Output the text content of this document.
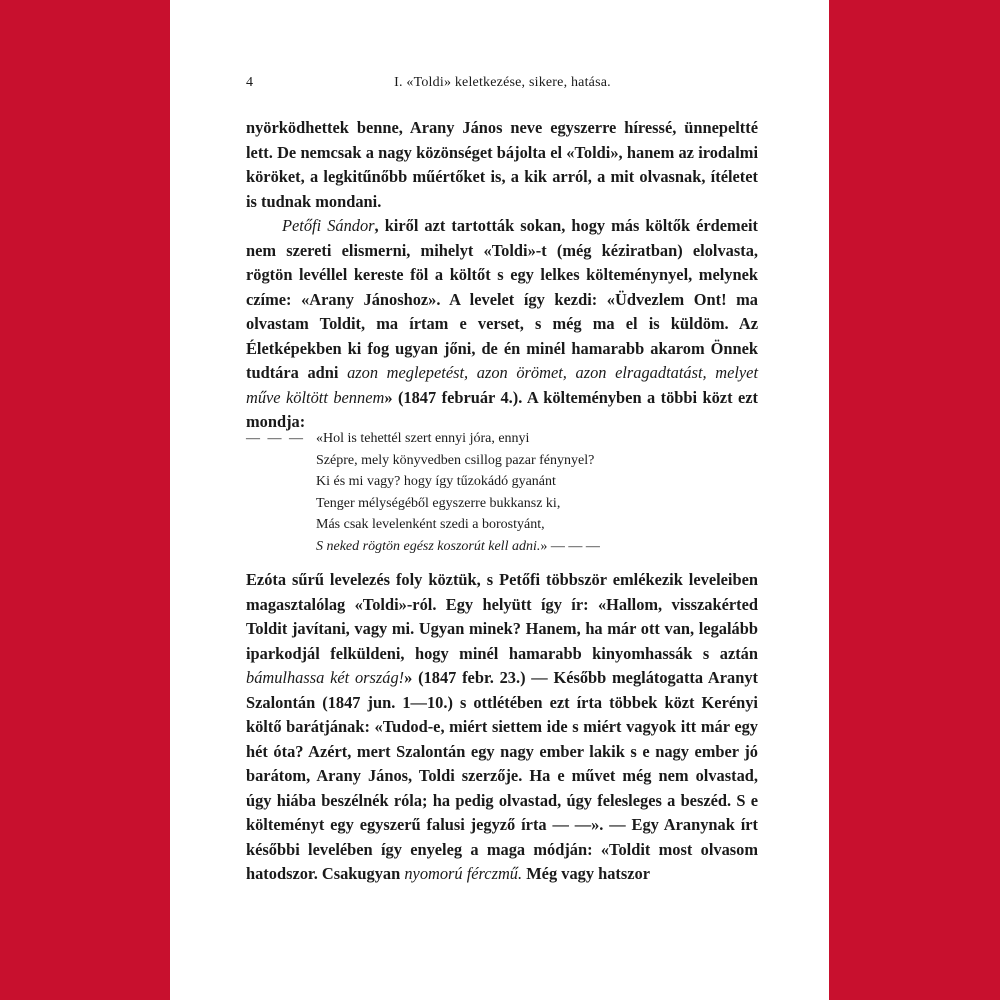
4	I. «Toldi» keletkezése, sikere, hatása.

nyörködhettek benne, Arany János neve egyszerre híressé, ünnepeltté lett. De nemcsak a nagy közönséget bájolta el «Toldi», hanem az irodalmi köröket, a legkitűnőbb műértőket is, a kik arról, a mit olvasnak, ítéletet is tudnak mondani.

Petőfi Sándor, kiről azt tartották sokan, hogy más költők érdemeit nem szereti elismerni, mihelyt «Toldi»-t (még kéziratban) elolvasta, rögtön levéllel kereste föl a költőt s egy lelkes költeménynyel, melynek czíme: «Arany Jánoshoz». A levelet így kezdi: «Üdvezlem Ont! ma olvastam Toldit, ma írtam e verset, s még ma el is küldöm. Az Életképekben ki fog ugyan jőni, de én minél hamarabb akarom Önnek tudtára adni azon meglepetést, azon örömet, azon elragadtatást, melyet műve költött bennem» (1847 február 4.). A költeményben a többi közt ezt mondja:

— — — «Hol is tehettél szert ennyi jóra, ennyi
Szépre, mely könyvedben csillog pazar fénynyel?
Ki és mi vagy? hogy így tűzokádó gyanánt
Tenger mélységéből egyszerre bukkansz ki,
Más csak levelenként szedi a borostyánt,
S neked rögtön egész koszorút kell adni.» — — —

Ezóta sűrű levelezés foly köztük, s Petőfi többször emlékezik leveleiben magasztalólag «Toldi»-ról. Egy helyütt így ír: «Hallom, visszakérted Toldit javítani, vagy mi. Ugyan minek? Hanem, ha már ott van, legalább iparkodjál felküldeni, hogy minél hamarabb kinyomhassák s aztán bámulhassa két ország!» (1847 febr. 23.) — Később meglátogatta Aranyt Szalontán (1847 jun. 1—10.) s ottlétében ezt írta többek közt Kerényi költő barátjának: «Tudod-e, miért siettem ide s miért vagyok itt már egy hét óta? Azért, mert Szalontán egy nagy ember lakik s e nagy ember jó barátom, Arany János, Toldi szerzője. Ha e művet még nem olvastad, úgy hiába beszélnék róla; ha pedig olvastad, úgy felesleges a beszéd. S e költeményt egy egyszerű falusi jegyző írta — —». — Egy Aranynak írt későbbi levelében így enyeleg a maga módján: «Toldit most olvasom hatodszor. Csakugyan nyomorú férczmű. Még vagy hatszor
